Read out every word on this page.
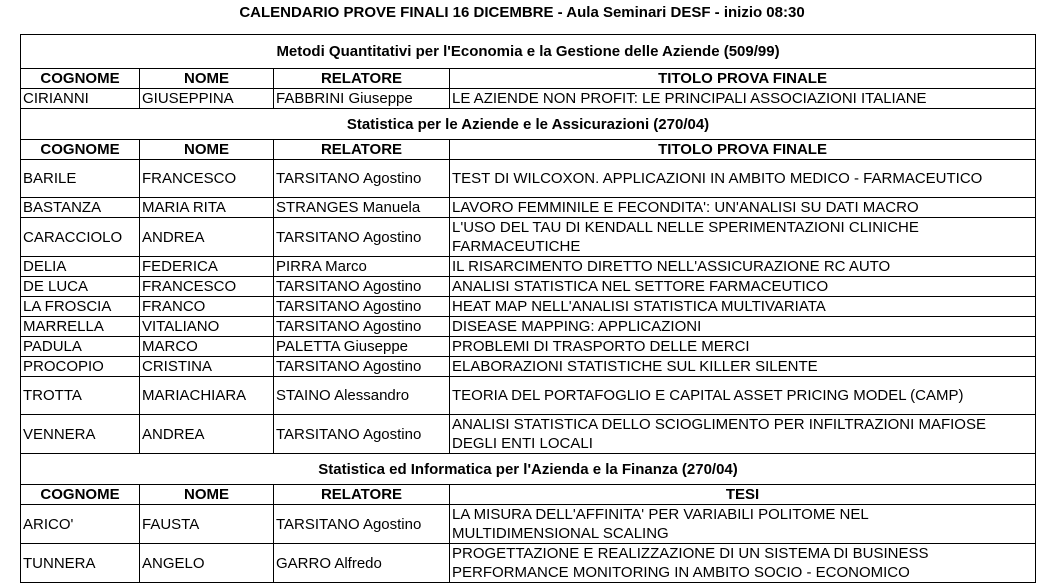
CALENDARIO PROVE FINALI 16 DICEMBRE - Aula Seminari DESF - inizio 08:30
Metodi Quantitativi per l'Economia e la Gestione delle Aziende (509/99)			
COGNOME	NOME	RELATORE	TITOLO PROVA FINALE
CIRIANNI	GIUSEPPINA	FABBRINI Giuseppe	LE AZIENDE NON PROFIT: LE PRINCIPALI ASSOCIAZIONI ITALIANE

Statistica per le Aziende e le Assicurazioni (270/04)			
COGNOME	NOME	RELATORE	TITOLO PROVA FINALE
BARILE	FRANCESCO	TARSITANO Agostino	TEST DI WILCOXON. APPLICAZIONI IN AMBITO MEDICO - FARMACEUTICO

BASTANZA	MARIA RITA	STRANGES Manuela	LAVORO FEMMINILE E FECONDITA': UN'ANALISI SU DATI MACRO

CARACCIOLO	ANDREA	TARSITANO Agostino	L'USO DEL TAU DI KENDALL NELLE SPERIMENTAZIONI CLINICHE
FARMACEUTICHE

DELIA	FEDERICA	PIRRA Marco	IL RISARCIMENTO DIRETTO NELL'ASSICURAZIONE RC AUTO

DE LUCA	FRANCESCO	TARSITANO Agostino	ANALISI STATISTICA NEL SETTORE FARMACEUTICO

LA FROSCIA	FRANCO	TARSITANO Agostino	HEAT MAP NELL'ANALISI STATISTICA MULTIVARIATA

MARRELLA	VITALIANO	TARSITANO Agostino	DISEASE MAPPING: APPLICAZIONI

PADULA	MARCO	PALETTA Giuseppe	PROBLEMI DI TRASPORTO DELLE MERCI

PROCOPIO	CRISTINA	TARSITANO Agostino	ELABORAZIONI STATISTICHE SUL KILLER SILENTE

TROTTA	MARIACHIARA	STAINO Alessandro	TEORIA DEL PORTAFOGLIO E CAPITAL ASSET PRICING MODEL (CAMP)

VENNERA	ANDREA	TARSITANO Agostino	ANALISI STATISTICA DELLO SCIOGLIMENTO PER INFILTRAZIONI MAFIOSE
DEGLI ENTI LOCALI

Statistica ed Informatica per l'Azienda e la Finanza (270/04)			
COGNOME	NOME	RELATORE	TESI
ARICO'	FAUSTA	TARSITANO Agostino	LA MISURA DELL'AFFINITA' PER VARIABILI POLITOME NEL
MULTIDIMENSIONAL SCALING

TUNNERA	ANGELO	GARRO Alfredo	PROGETTAZIONE E REALIZZAZIONE DI UN SISTEMA DI BUSINESS
PERFORMANCE MONITORING IN AMBITO SOCIO - ECONOMICO
